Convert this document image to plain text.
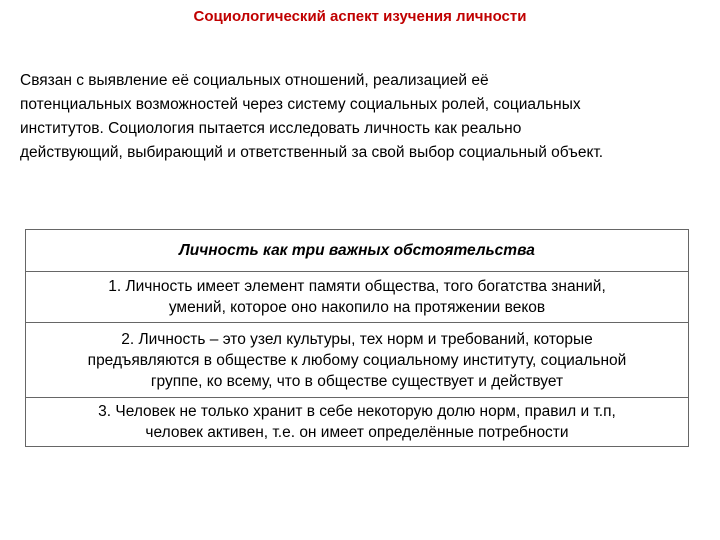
Социологический аспект изучения личности

Связан с выявление её социальных отношений, реализацией её

потенциальных возможностей через систему социальных ролей, социальных

институтов. Социология пытается исследовать личность как реально

действующий, выбирающий и ответственный за свой выбор социальный объект.

Личность как три важных обстоятельства

1. Личность имеет элемент памяти общества, того богатства знаний,

умений, которое оно накопило на протяжении веков

2. Личность – это узел культуры, тех норм и требований, которые

предъявляются в обществе к любому социальному институту, социальной

группе, ко всему, что в обществе существует и действует

3. Человек не только хранит в себе некоторую долю норм, правил и т.п,

человек активен, т.е. он имеет определённые потребности
